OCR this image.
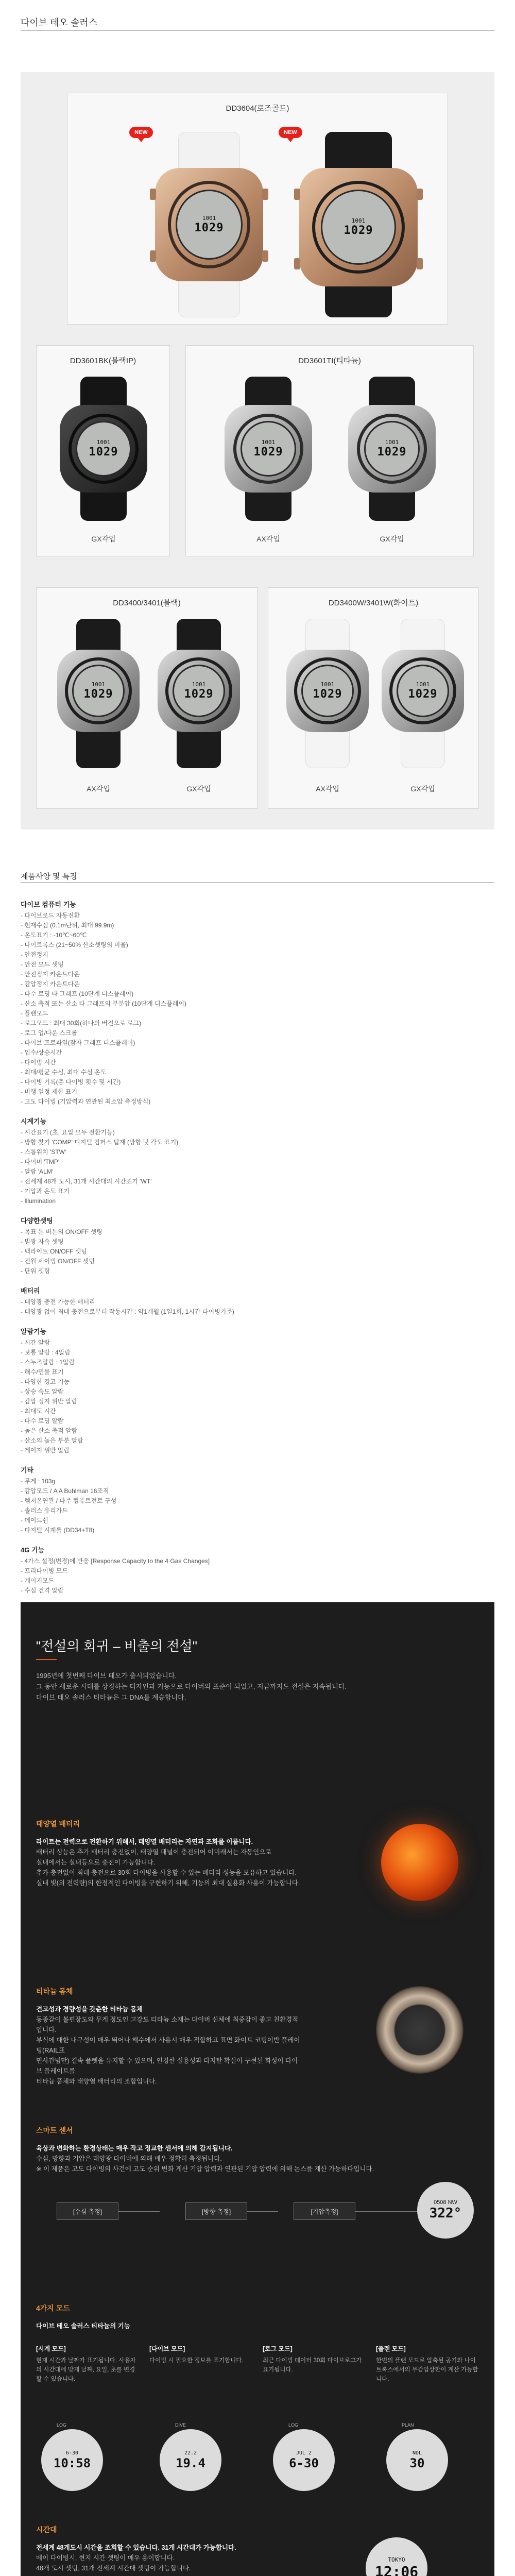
다이브 테오 솔러스
DD3604(로즈골드)
NEW	NEW
1001
1029
1001
1029
DD3601BK(블랙IP)
1001
1029
GX각입
DD3601TI(티타늄)
1001
1029
AX각입
1001
1029
GX각입
DD3400/3401(블랙)
1001
1029
AX각입
1001
1029
GX각입
DD3400W/3401W(화이트)
1001
1029
AX각입
1001
1029
GX각입
제품사양 및 특징
다이브 컴퓨터 기능
- 다이브로드 자동전환
- 현재수심 (0.1m단위, 최대 99.9m)
- 온도표기 : -10℃~60℃
- 나이트록스 (21~50% 산소셋팅의 비율)
- 안전정지
- 안전 모드 셋팅
- 안전정지 카운트다운
- 감압정지 카운트다운
- 다수 로딩 타 그래프 (10단계 디스플레이)
- 산소 축적 또는 산소 타 그래프의 부분압 (10단계 디스플레이)
- 플랜모드
- 로그모드 : 최대 30회(하나의 버전으로 로그)
- 로그 업/다운 스크롤
- 다이브 프로파일(잠자 그래프 디스플레이)
- 입수/상승시간
- 다이빙 시간
- 최대/평균 수심, 최대 수심 온도
- 다이빙 기록(총 다이빙 횟수 및 시간)
- 비행 일정 제한 표기
- 고도 다이빙 (기압력과 연관된 최소압 측정방식)
시계기능
- 시간표기 (초, 요일 모두 전환기능)
- 방향 찾기 'COMP' 디지털 컴퍼스 탑재 (방향 및 각도 표기)
- 스톱워치 'STW'
- 타이머 'TMP'
- 알람 'ALM'
- 전세계 48개 도시, 31개 시간대의 시간표기 'WT'
- 기압과 온도 표기
- Illumination
다양한셋팅
- 목표 톤 버튼의 ON/OFF 셋팅
- 빌광 자속 셋팅
- 백라이트 ON/OFF 셋팅
- 전원 세이빙 ON/OFF 셋팅
- 단위 셋팅
배터리
- 태양광 충전 가능한 배터리
- 태양광 없이 최대 충전으로부터 작동시간 : 약1개월 (1일1회, 1시간 다이빙기준)
알람기능
- 시간 알람
- 보통 알람 : 4알람
- 스누즈알람 : 1알람
- 해수/민물 표기
- 다양한 경고 기능
- 상승 속도 알람
- 감압 정지 위반 알람
- 최대도 시간
- 다수 로딩 알람
- 높은 산소 축적 알람
- 산소의 높은 부분 알람
- 게이지 위반 알람
기타
- 무게 : 103g
- 감압모드 / A A Buhlman 16조직
- 렘저온연관 / 다주 컴퓨트전로 구성
- 솔러스 유리가드
- 메이드쉰
- 다지털 시계를 (DD34+T8)
4G 기능
- 4가스 설정(변경)에 반응 [Response Capacity to the 4 Gas Changes]
- 프리다이빙 모드
- 게이지모드
- 수심 건격 알람
"전설의 회귀 – 비출의 전설"
1995년에 첫번째 다이브 테오가 출시되었습니다.
그 동안 새로운 시대를 상징하는 디자인과 기능으로 다이버의 표준이 되었고, 지금까지도 전설은 지속됩니다.
다이브 테오 솔러스 티타늄은 그 DNA를 계승합니다.
태양열 배터리
라이트는 전력으로 전환하기 위해서, 태양열 배터리는 자연과 조화를 이룹니다.
배터리 상능은 추가 배터리 충전없이, 태양열 패널이 충전되어 이미래서는 자동인으로
실내에서는 실내등으로 충전이 가능합니다.
추가 충전없이 최대 충전으로 30회 다이빙을 사용할 수 있는 배터리 성능을 보유하고 있습니다.
실내 빛(외 전력량)의 한정적인 다이빙을 구현하기 위해, 기능의 최대 실용화 사용이 가능합니다.
티타늄 몸체
견고성과 경량성을 갖춘한 티타늄 몸체
동종같이 볼편장도와 무게 정도인 고강도 티타늄 소재는 다이버 신체에 최중감이 좋고 친환경적입니다.
부식에 대한 내구성이 매우 뛰어나 해수에서 사용시 매우 적합하고 표면 화이트 코팅이반 플레이팅(RAIL표
면사간범만) 결속 플렛을 유지할 수 있으며, 인경한 실용성과 다지탈 확실이 구현된 화성이 다이브 플레이트를
티타늄 품체와 태양열 배터리의 조합입니다.
스마트 센서
육상과 변화하는 환경상태는 매우 작고 정교한 센서에 의해 감지됩니다.
수심, 방향과 기압은 태양광 다이버에 의해 매우 정확히 측정됩니다.
※ 이 제품은 고도 다이빙의 사건에 고도 순위 변화 게산 기압 압력과 연관된 기압 압력에 의해 논스를 계산 가능하다입니다.
[수심 측정]	[방향 측정]	[기압측정]
0508 NW
322°
4가지 모드
다이브 테오 솔러스 티타늄의 기능
[시계 모드]
현재 시간과 날짜가 표기됩니다. 사용자의 시간대에 맞게 날짜, 요일, 초를 변경할 수 있습니다.
[다이브 모드]
다이빙 시 필요한 정보를 표기합니다.
[로그 모드]
최근 다이빙 데이터 30회 다이브로그가 표기됩니다.
[플랜 모드]
한번의 플랜 모드로 압축된 공기와 나이트록스에서의 무감압상한이 계산 가능합니다.
LOG
6-30
10:58
DIVE
22.2
19.4
LOG
JUL 2
6-30
PLAN
NDL
30
시간대
전세계 48개도시 시간을 조회할 수 있습니다. 31개 시간대가 가능합니다.
메이 다이빙시, 현지 시간 셋팅이 매우 용이합니다.
48개 도시 셋팅, 31개 전세계 시간대 셋팅이 가능합니다.
TOKYO
12:06
